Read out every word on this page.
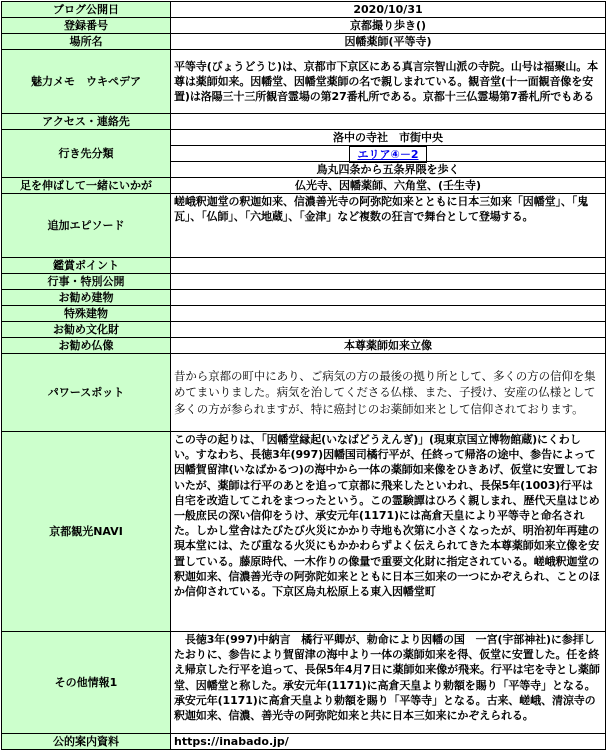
ブログ公開日	2020/10/31
登録番号	京都撮り歩き()
場所名	因幡薬師(平等寺)
魅力メモ　ウキペデア	平等寺(びょうどうじ)は、京都市下京区にある真言宗智山派の寺院。山号は福聚山。本尊は薬師如来。因幡堂、因幡堂薬師の名で親しまれている。観音堂(十一面観音像を安置)は洛陽三十三所観音霊場の第27番札所である。京都十三仏霊場第7番札所でもある
アクセス・連絡先	
行き先分類	洛中の寺社　市街中央
エリア④－2
鳥丸四条から五条界隈を歩く

足を伸ばして一緒にいかが	仏光寺、因幡薬師、六角堂、(壬生寺)
追加エピソード	嵯峨釈迦堂の釈迦如来、信濃善光寺の阿弥陀如来とともに日本三如来「因幡堂」、「鬼瓦」、「仏師」、「六地蔵」、「金津」など複数の狂言で舞台として登場する。
鑑賞ポイント	
行事・特別公開	
お勧め建物	
特殊建物	
お勧め文化財	
お勧め仏像	本尊薬師如来立像
パワースポット	昔から京都の町中にあり、ご病気の方の最後の拠り所として、多くの方の信仰を集めてまいりました。病気を治してくださる仏様、また、子授け、安産の仏様として多くの方が参られますが、特に癌封じのお薬師如来として信仰されております。
京都観光NAVI	この寺の起りは、「因幡堂縁起(いなばどうえんぎ)」(現東京国立博物館蔵)にくわしい。すなわち、長徳3年(997)因幡国司橘行平が、任終って帰洛の途中、参告によって因幡賀留津(いなばかるつ)の海中から一体の薬師如来像をひきあげ、仮堂に安置しておいたが、薬師は行平のあとを追って京都に飛来したといわれ、長保5年(1003)行平は自宅を改造してこれをまつったという。この霊験譚はひろく親しまれ、歴代天皇はじめ一般庶民の深い信仰をうけ、承安元年(1171)には高倉天皇により平等寺と命名された。しかし堂舎はたびたび火災にかかり寺地も次第に小さくなったが、明治初年再建の現本堂には、たび重なる火災にもかかわらずよく伝えられてきた本尊薬師如来立像を安置している。藤原時代、一木作りの像量で重要文化財に指定されている。嵯峨釈迦堂の釈迦如来、信濃善光寺の阿弥陀如来とともに日本三如来の一つにかぞえられ、ことのほか信仰されている。下京区烏丸松原上る東入因幡堂町
その他情報1	　長徳3年(997)中納言　橘行平卿が、勅命により因幡の国　一宮(宇部神社)に参拝したおりに、参告により賀留津の海中より一体の薬師如来を得、仮堂に安置した。任を終え帰京した行平を追って、長保5年4月7日に薬師如来像が飛来。行平は宅を寺とし薬師堂、因幡堂と称した。承安元年(1171)に高倉天皇より勅額を賜り「平等寺」となる。承安元年(1171)に高倉天皇より勅額を賜り「平等寺」となる。古来、嵯峨、清涼寺の釈迦如来、信濃、善光寺の阿弥陀如来と共に日本三如来にかぞえられる。
公的案内資料	https://inabado.jp/
